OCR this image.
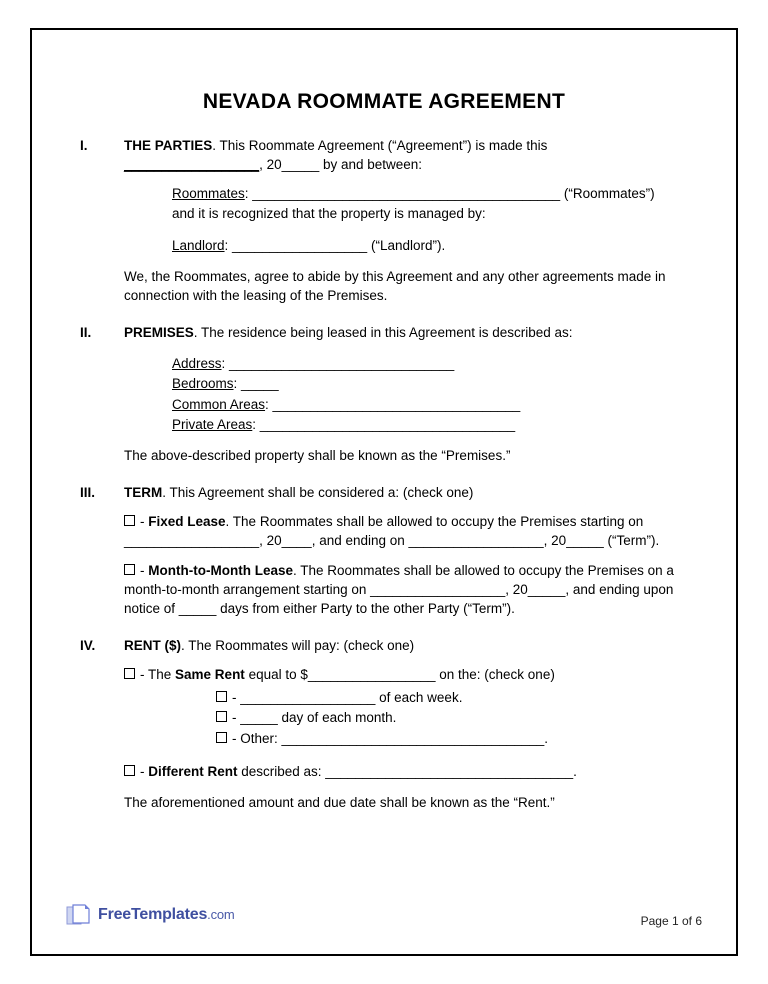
NEVADA ROOMMATE AGREEMENT
I.	THE PARTIES. This Roommate Agreement (“Agreement”) is made this
__________________, 20_____ by and between:

Roommates: _________________________________________ (“Roommates”)

and it is recognized that the property is managed by:

Landlord: __________________ (“Landlord”).

We, the Roommates, agree to abide by this Agreement and any other agreements made in connection with the leasing of the Premises.

II.	PREMISES. The residence being leased in this Agreement is described as:

Address: ______________________________

Bedrooms: _____

Common Areas: _________________________________

Private Areas: __________________________________

The above-described property shall be known as the “Premises.”

III.	TERM. This Agreement shall be considered a: (check one)

- Fixed Lease. The Roommates shall be allowed to occupy the Premises starting on __________________, 20____, and ending on __________________, 20_____ (“Term”).

- Month-to-Month Lease. The Roommates shall be allowed to occupy the Premises on a month-to-month arrangement starting on __________________, 20_____, and ending upon notice of _____ days from either Party to the other Party (“Term”).

IV.	RENT ($). The Roommates will pay: (check one)

- The Same Rent equal to $_________________ on the: (check one)

- __________________ of each week.

- _____ day of each month.

- Other: ___________________________________.

- Different Rent described as: _________________________________.

The aforementioned amount and due date shall be known as the “Rent.”

FreeTemplates.com	Page 1 of 6
